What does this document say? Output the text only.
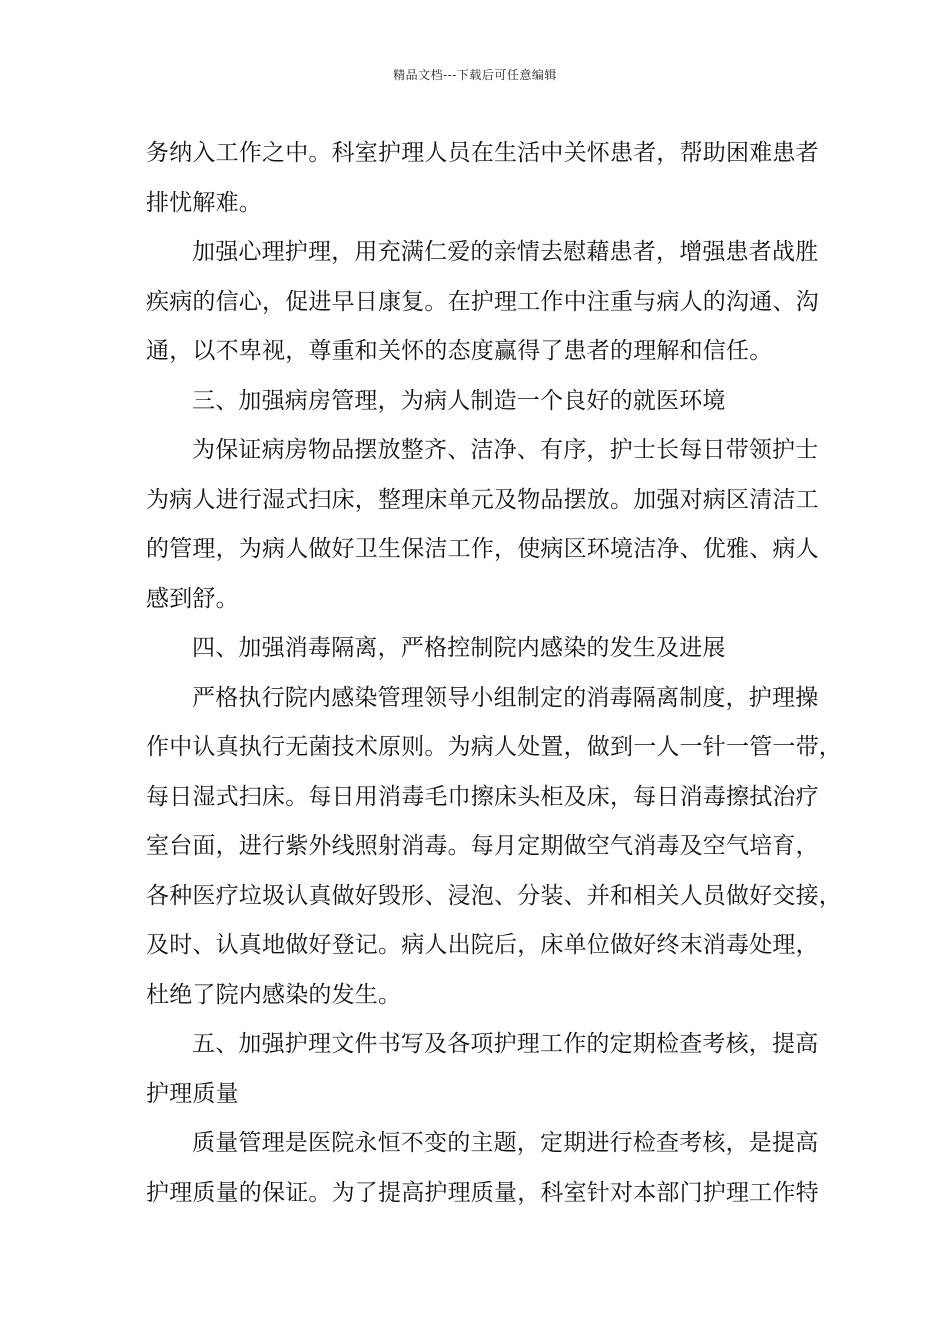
精品文档---下载后可任意编辑
务纳入工作之中。科室护理人员在生活中关怀患者，帮助困难患者
排忧解难。
加强心理护理，用充满仁爱的亲情去慰藉患者，增强患者战胜
疾病的信心，促进早日康复。在护理工作中注重与病人的沟通、沟
通，以不卑视，尊重和关怀的态度赢得了患者的理解和信任。
三、加强病房管理，为病人制造一个良好的就医环境
为保证病房物品摆放整齐、洁净、有序，护士长每日带领护士
为病人进行湿式扫床，整理床单元及物品摆放。加强对病区清洁工
的管理，为病人做好卫生保洁工作，使病区环境洁净、优雅、病人
感到舒。
四、加强消毒隔离，严格控制院内感染的发生及进展
严格执行院内感染管理领导小组制定的消毒隔离制度，护理操
作中认真执行无菌技术原则。为病人处置，做到一人一针一管一带，
每日湿式扫床。每日用消毒毛巾擦床头柜及床，每日消毒擦拭治疗
室台面，进行紫外线照射消毒。每月定期做空气消毒及空气培育，
各种医疗垃圾认真做好毁形、浸泡、分装、并和相关人员做好交接，
及时、认真地做好登记。病人出院后，床单位做好终末消毒处理，
杜绝了院内感染的发生。
五、加强护理文件书写及各项护理工作的定期检查考核，提高
护理质量
质量管理是医院永恒不变的主题，定期进行检查考核，是提高
护理质量的保证。为了提高护理质量，科室针对本部门护理工作特
